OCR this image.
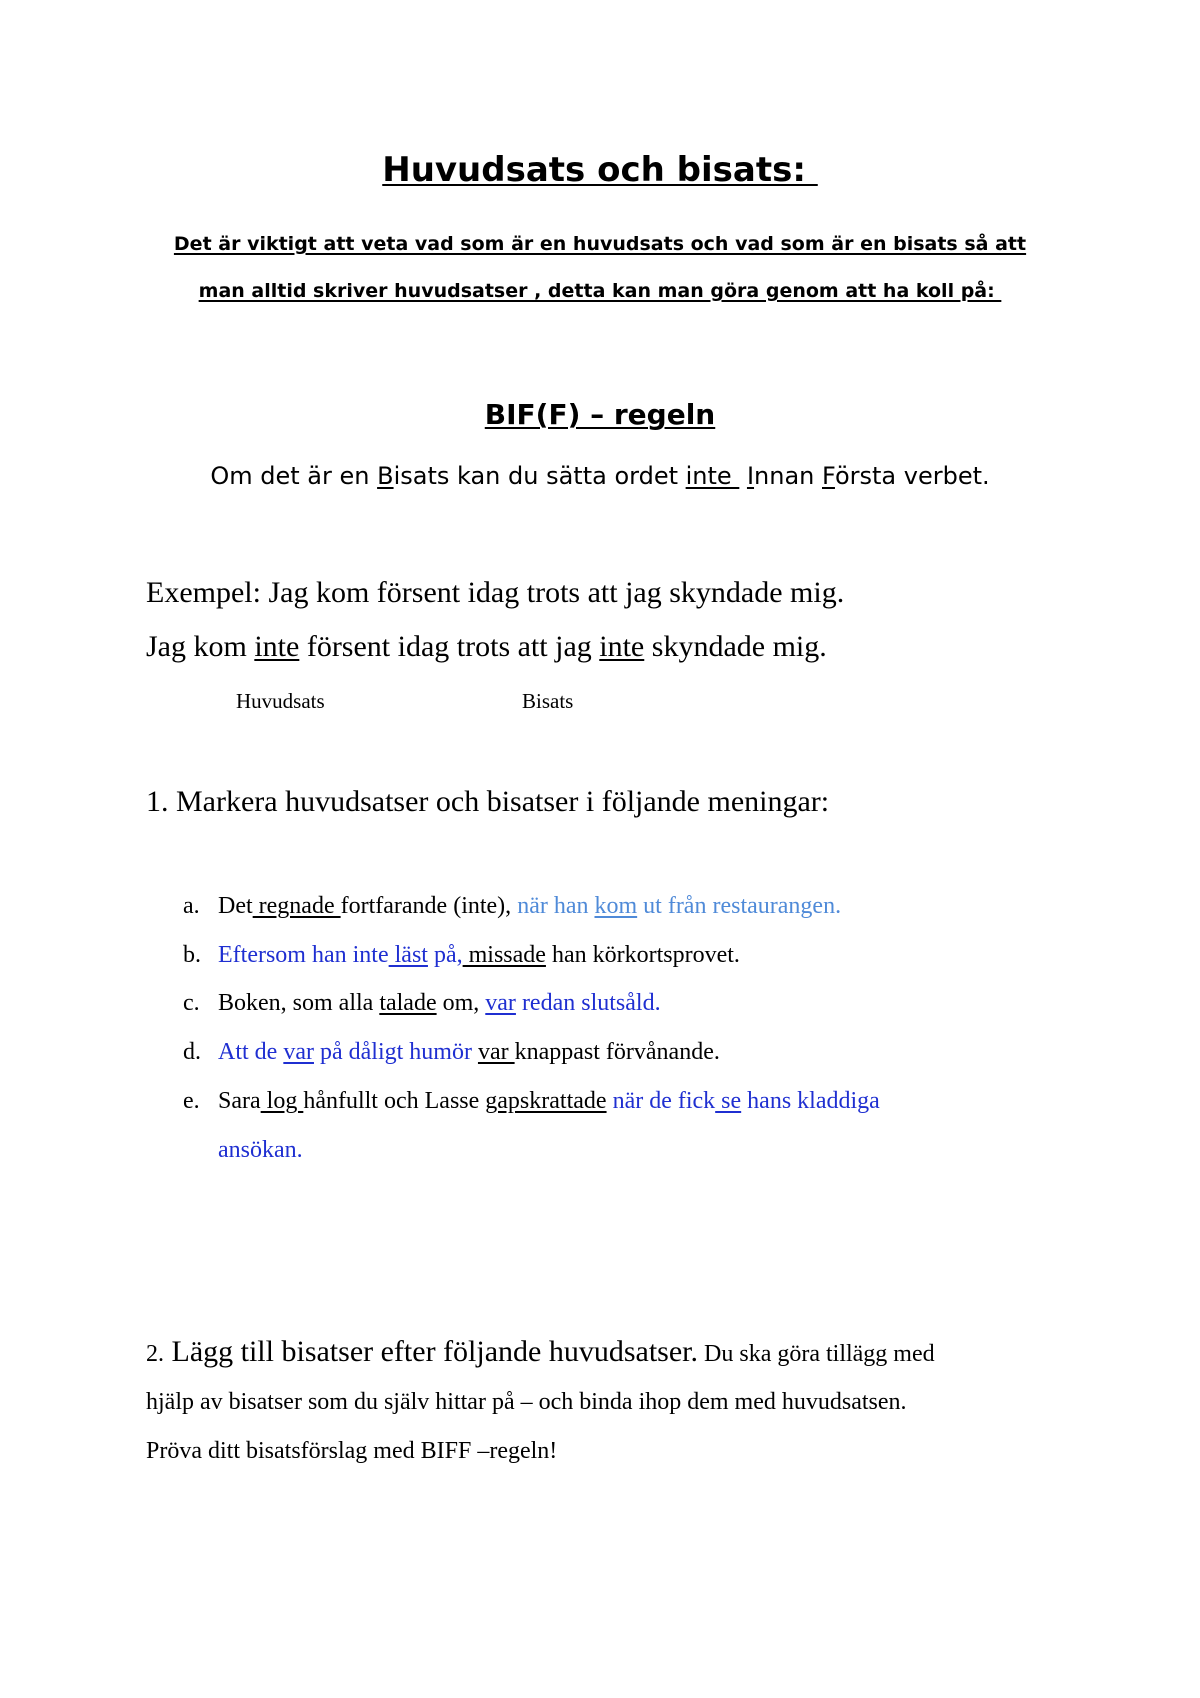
Huvudsats och bisats:
Det är viktigt att veta vad som är en huvudsats och vad som är en bisats så att
man alltid skriver huvudsatser , detta kan man göra genom att ha koll på:
BIF(F) – regeln
Om det är en Bisats kan du sätta ordet inte  Innan Första verbet.
Exempel: Jag kom försent idag trots att jag skyndade mig.
Jag kom inte försent idag trots att jag inte skyndade mig.
Huvudsats	Bisats
1. Markera huvudsatser och bisatser i följande meningar:
a. Det regnade fortfarande (inte), när han kom ut från restaurangen.
b. Eftersom han inte läst på, missade han körkortsprovet.
c. Boken, som alla talade om, var redan slutsåld.
d. Att de var på dåligt humör var knappast förvånande.
e. Sara log hånfullt och Lasse gapskrattade när de fick se hans kladdiga
ansökan.
2. Lägg till bisatser efter följande huvudsatser. Du ska göra tillägg med
hjälp av bisatser som du själv hittar på – och binda ihop dem med huvudsatsen.
Pröva ditt bisatsförslag med BIFF –regeln!
